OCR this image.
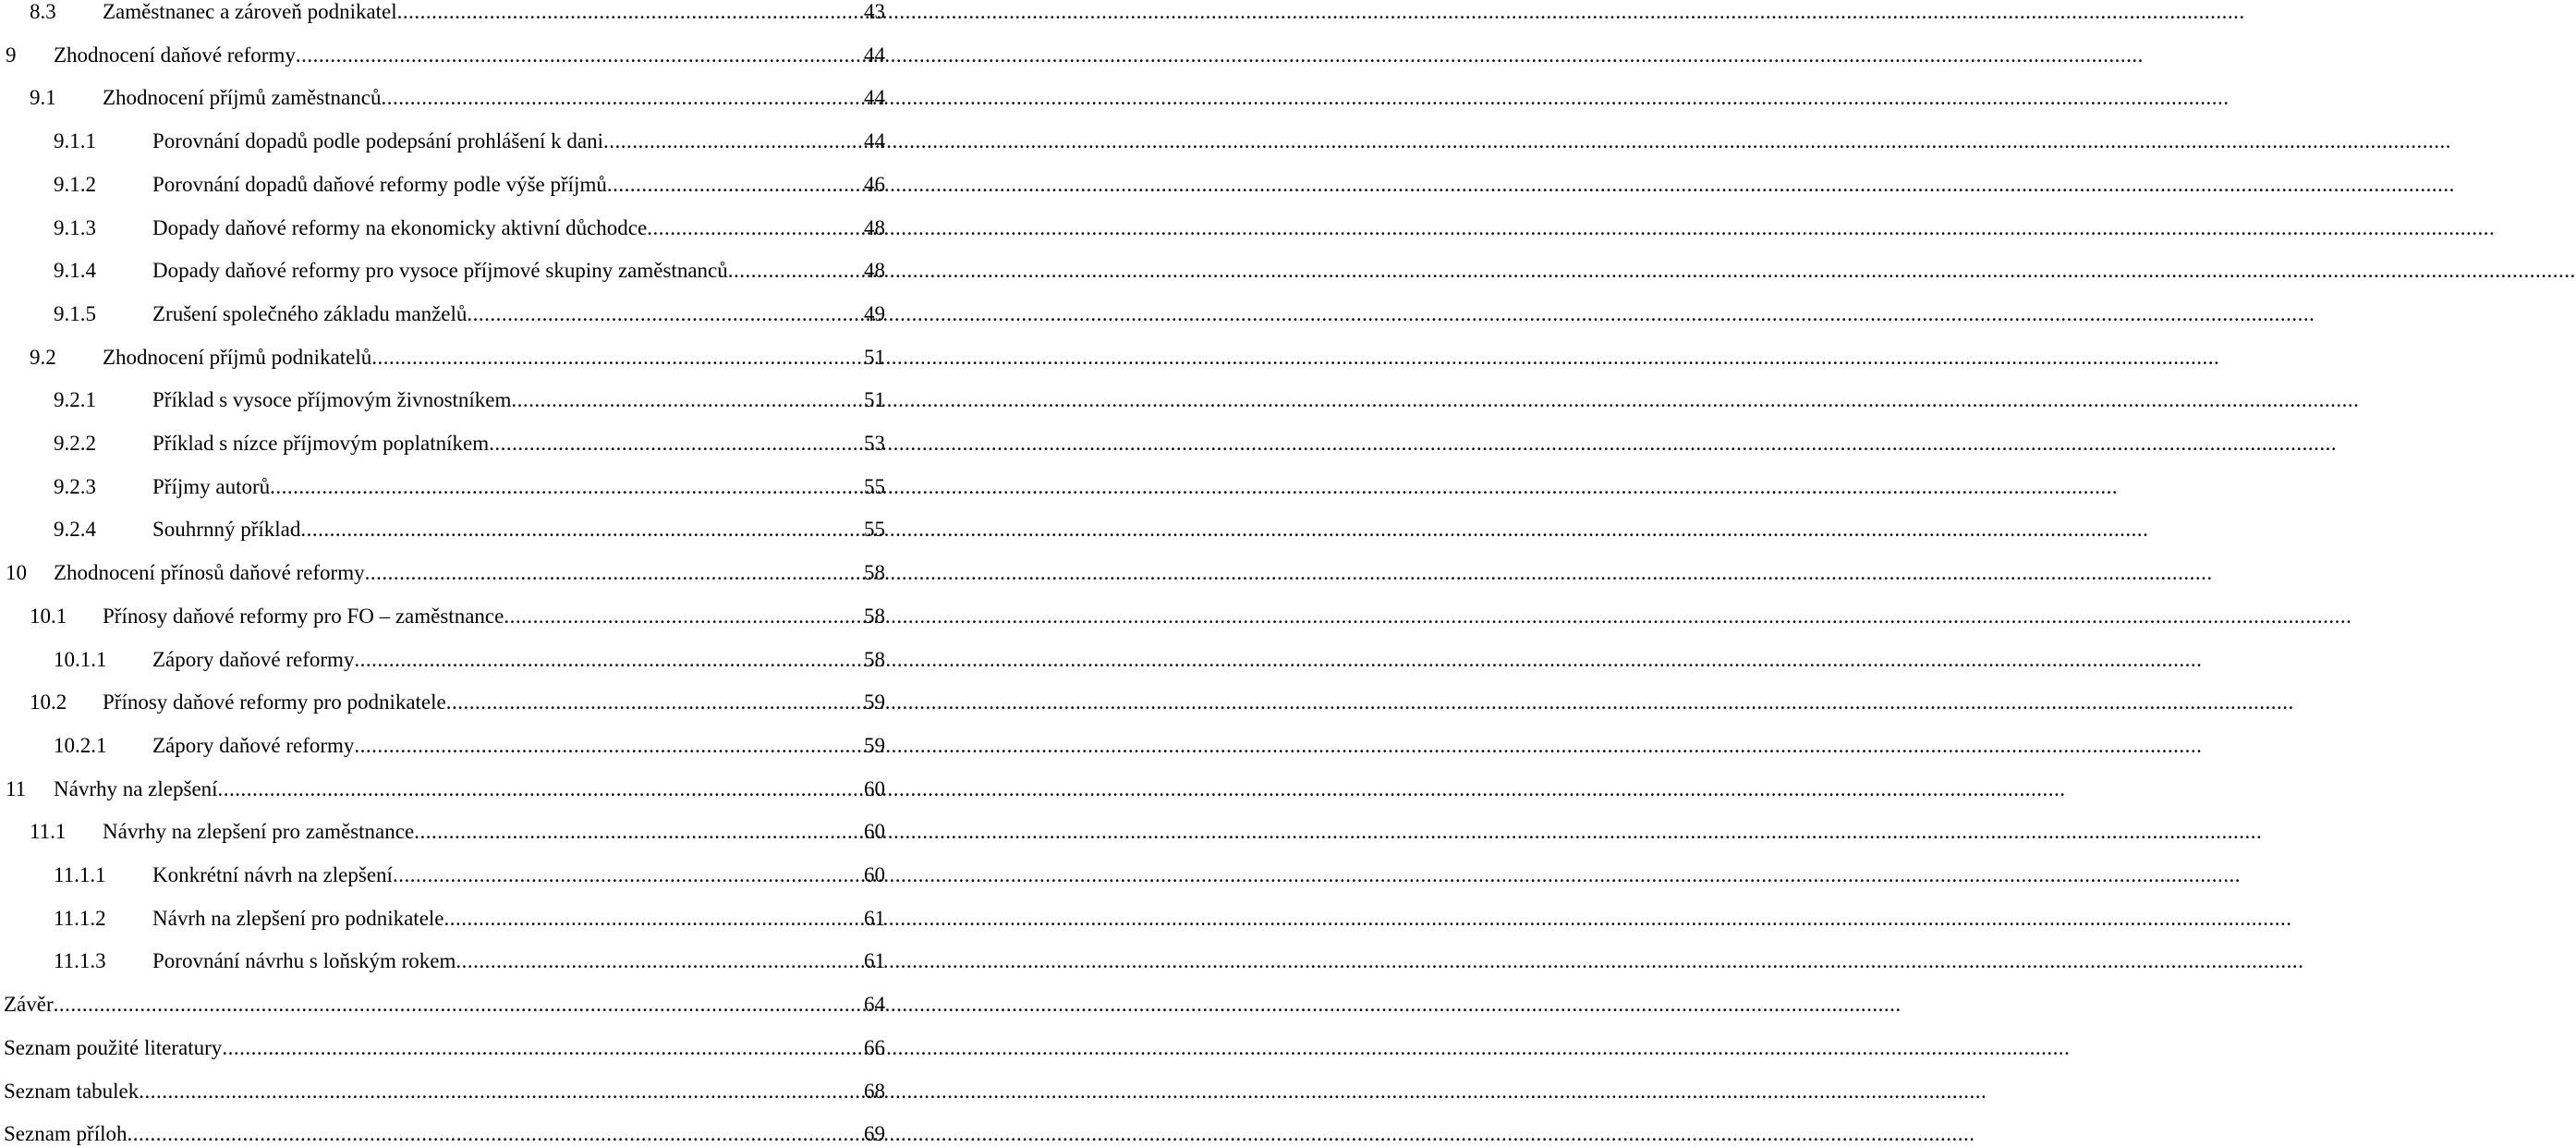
8.3	Zaměstnanec a zároveň podnikatel .....	43
9	Zhodnocení daňové reformy .....	44
9.1	Zhodnocení příjmů zaměstnanců .....	44
9.1.1	Porovnání dopadů podle podepsání prohlášení k dani .....	44
9.1.2	Porovnání dopadů daňové reformy podle výše příjmů .....	46
9.1.3	Dopady daňové reformy na ekonomicky aktivní důchodce .....	48
9.1.4	Dopady daňové reformy pro vysoce příjmové skupiny zaměstnanců .....	48
9.1.5	Zrušení společného základu manželů .....	49
9.2	Zhodnocení příjmů podnikatelů .....	51
9.2.1	Příklad s vysoce příjmovým živnostníkem .....	51
9.2.2	Příklad s nízce příjmovým poplatníkem .....	53
9.2.3	Příjmy autorů .....	55
9.2.4	Souhrnný příklad .....	55
10	Zhodnocení přínosů daňové reformy .....	58
10.1	Přínosy daňové reformy pro FO – zaměstnance .....	58
10.1.1	Zápory daňové reformy .....	58
10.2	Přínosy daňové reformy pro podnikatele .....	59
10.2.1	Zápory daňové reformy .....	59
11	Návrhy na zlepšení .....	60
11.1	Návrhy na zlepšení pro zaměstnance .....	60
11.1.1	Konkrétní návrh na zlepšení .....	60
11.1.2	Návrh na zlepšení pro podnikatele .....	61
11.1.3	Porovnání návrhu s loňským rokem .....	61
Závěr .....	64
Seznam použité literatury .....	66
Seznam tabulek .....	68
Seznam příloh .....	69
